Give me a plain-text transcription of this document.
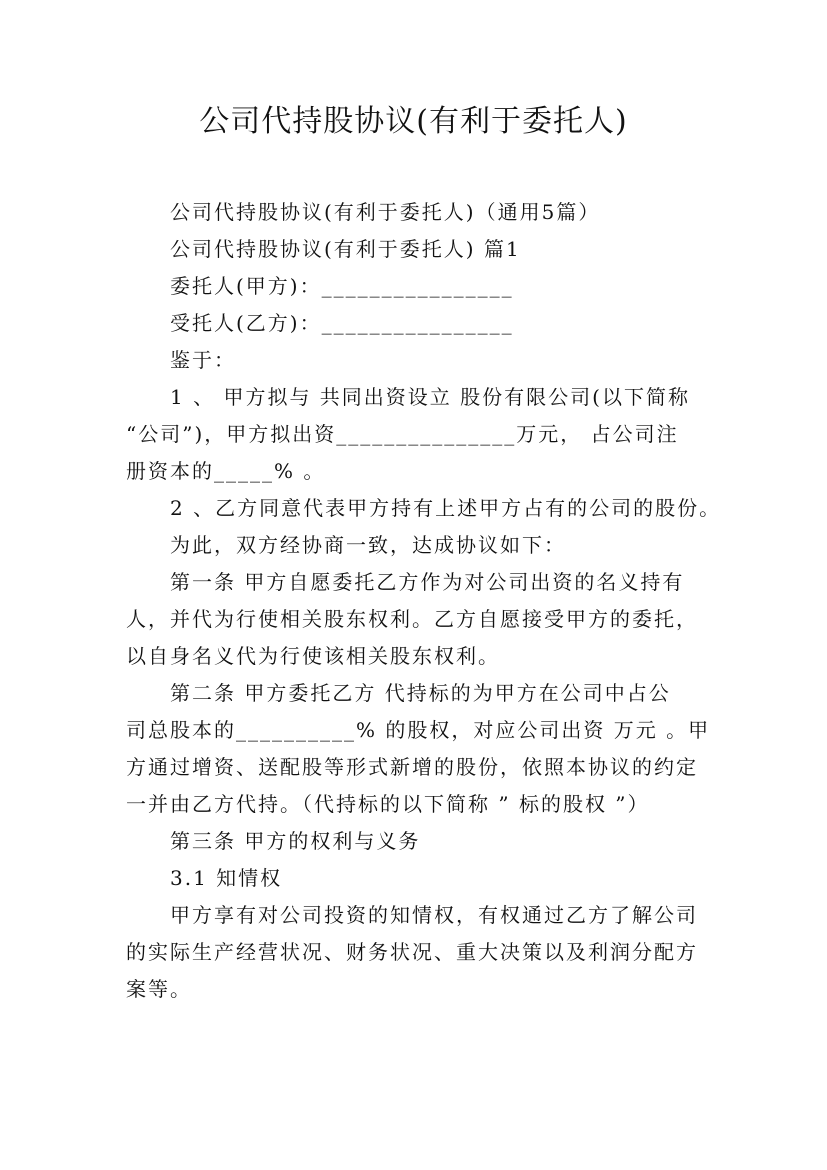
公司代持股协议(有利于委托人)
公司代持股协议(有利于委托人)（通用5篇）
公司代持股协议(有利于委托人) 篇1
委托人(甲方)：________________
受托人(乙方)：________________
鉴于：
1 、 甲方拟与 共同出资设立 股份有限公司(以下简称
“公司”)，甲方拟出资_______________万元， 占公司注
册资本的_____% 。
2 、乙方同意代表甲方持有上述甲方占有的公司的股份。
为此，双方经协商一致，达成协议如下：
第一条 甲方自愿委托乙方作为对公司出资的名义持有
人，并代为行使相关股东权利。乙方自愿接受甲方的委托，
以自身名义代为行使该相关股东权利。
第二条 甲方委托乙方 代持标的为甲方在公司中占公
司总股本的__________% 的股权，对应公司出资 万元 。甲
方通过增资、送配股等形式新增的股份，依照本协议的约定
一并由乙方代持。（代持标的以下简称 ” 标的股权 ”）
第三条 甲方的权利与义务
3.1 知情权
甲方享有对公司投资的知情权，有权通过乙方了解公司
的实际生产经营状况、财务状况、重大决策以及利润分配方
案等。
